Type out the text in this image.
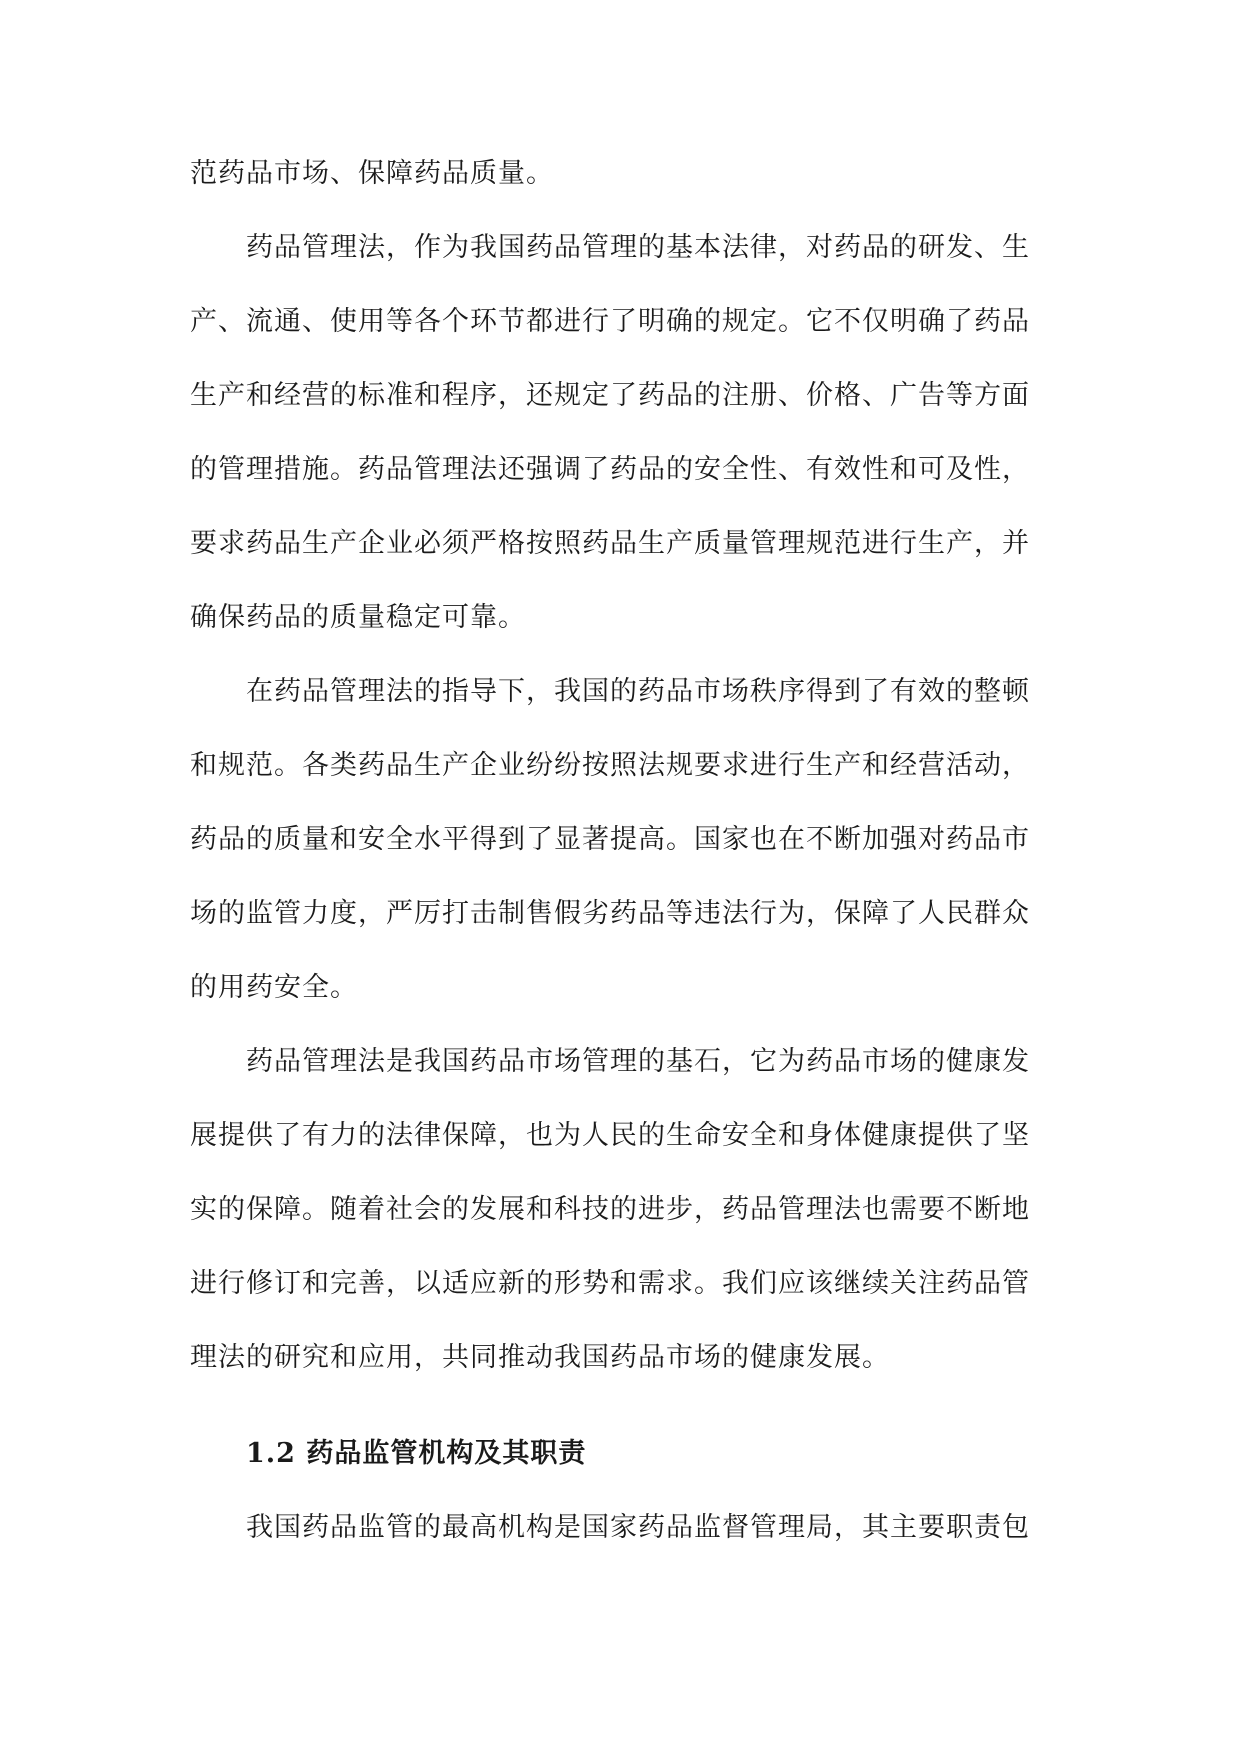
范药品市场、保障药品质量。
药品管理法，作为我国药品管理的基本法律，对药品的研发、生
产、流通、使用等各个环节都进行了明确的规定。它不仅明确了药品
生产和经营的标准和程序，还规定了药品的注册、价格、广告等方面
的管理措施。药品管理法还强调了药品的安全性、有效性和可及性，
要求药品生产企业必须严格按照药品生产质量管理规范进行生产，并
确保药品的质量稳定可靠。
在药品管理法的指导下，我国的药品市场秩序得到了有效的整顿
和规范。各类药品生产企业纷纷按照法规要求进行生产和经营活动，
药品的质量和安全水平得到了显著提高。国家也在不断加强对药品市
场的监管力度，严厉打击制售假劣药品等违法行为，保障了人民群众
的用药安全。
药品管理法是我国药品市场管理的基石，它为药品市场的健康发
展提供了有力的法律保障，也为人民的生命安全和身体健康提供了坚
实的保障。随着社会的发展和科技的进步，药品管理法也需要不断地
进行修订和完善，以适应新的形势和需求。我们应该继续关注药品管
理法的研究和应用，共同推动我国药品市场的健康发展。
1.2 药品监管机构及其职责
我国药品监管的最高机构是国家药品监督管理局，其主要职责包
